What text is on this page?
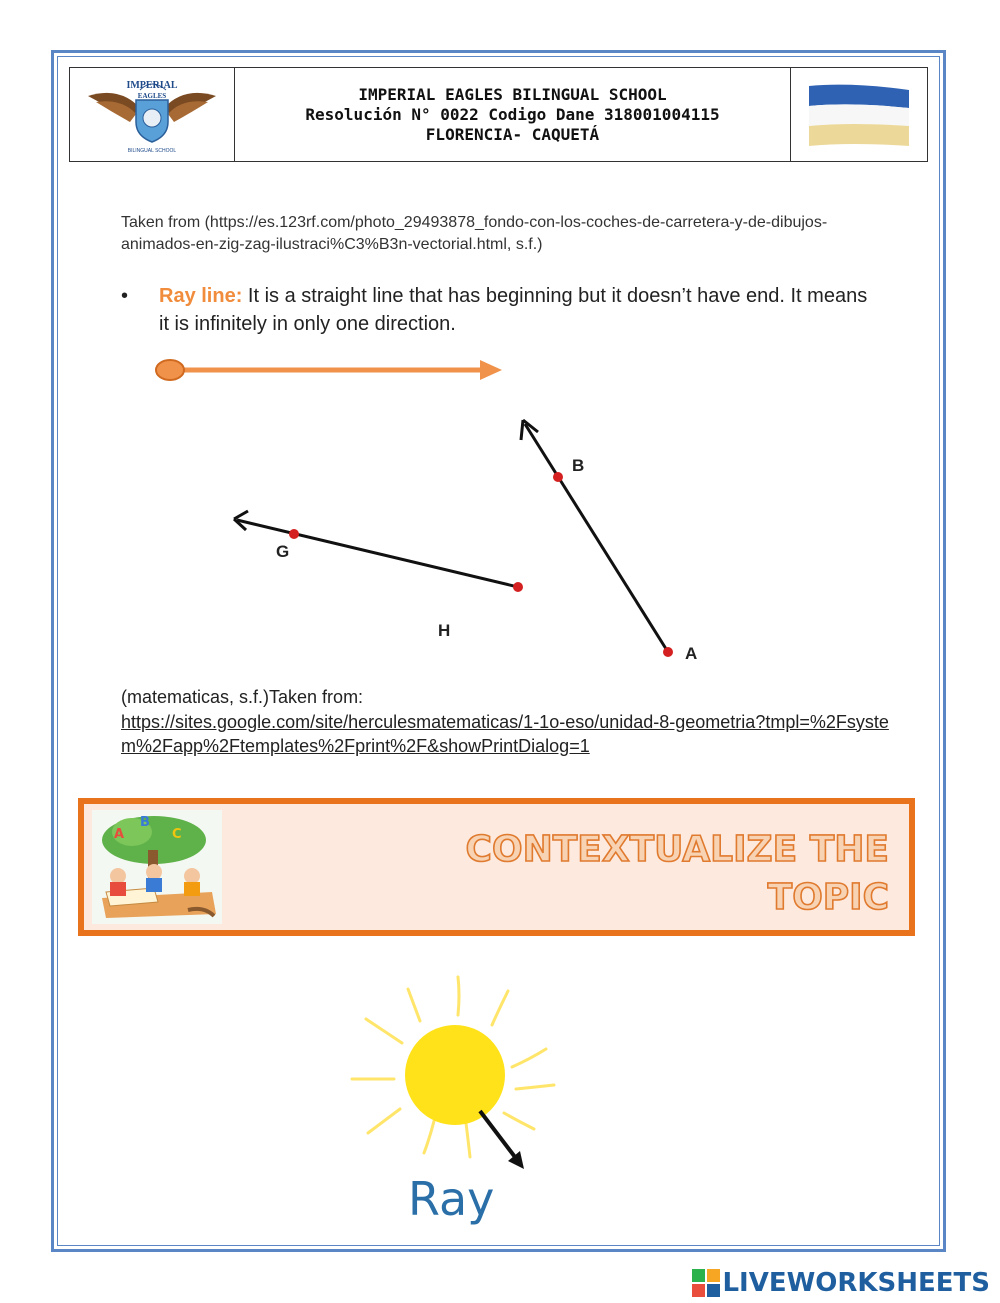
IMPERIAL
EAGLES
BILINGUAL SCHOOL
IMPERIAL EAGLES BILINGUAL SCHOOL
Resolución N° 0022 Codigo Dane 318001004115
FLORENCIA- CAQUETÁ
Taken from (https://es.123rf.com/photo_29493878_fondo-con-los-coches-de-carretera-y-de-dibujos-animados-en-zig-zag-ilustraci%C3%B3n-vectorial.html, s.f.)
• Ray line: It is a straight line that has beginning but it doesn’t have end. It means it is infinitely in only one direction.
B
G
H
A
(matematicas, s.f.)Taken from:
https://sites.google.com/site/herculesmatematicas/1-1o-eso/unidad-8-geometria?tmpl=%2Fsystem%2Fapp%2Ftemplates%2Fprint%2F&showPrintDialog=1
A
B
C	CONTEXTUALIZE THE
TOPIC
Ray
LIVEWORKSHEETS
